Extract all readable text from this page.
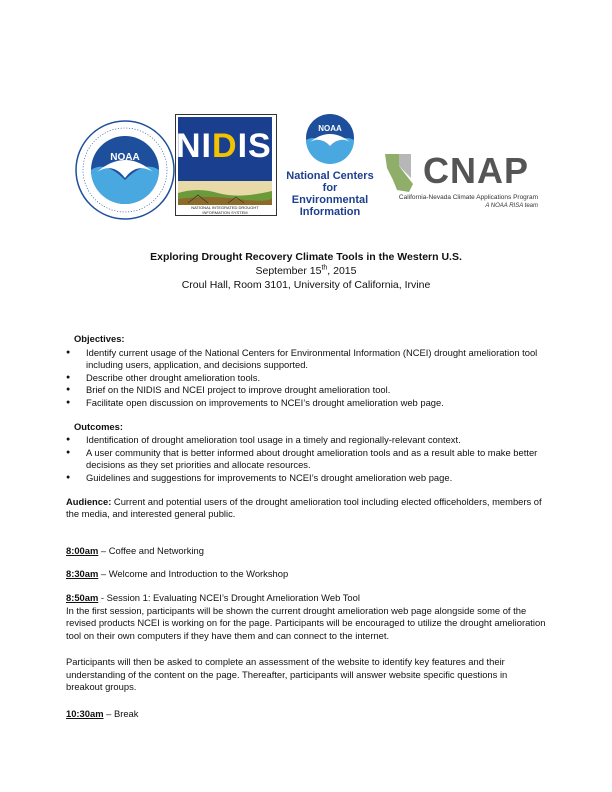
NOAA NIDIS
NATIONAL INTEGRATED DROUGHT INFORMATION SYSTEM
NOAA
National Centers for
Environmental
Information
CNAP
California-Nevada Climate Applications Program
A NOAA RISA team
Exploring Drought Recovery Climate Tools in the Western U.S.
September 15th, 2015
Croul Hall, Room 3101, University of California, Irvine
Objectives:
● Identify current usage of the National Centers for Environmental Information (NCEI) drought amelioration tool including users, application, and decisions supported.
● Describe other drought amelioration tools.
● Brief on the NIDIS and NCEI project to improve drought amelioration tool.
● Facilitate open discussion on improvements to NCEI’s drought amelioration web page.
Outcomes:
● Identification of drought amelioration tool usage in a timely and regionally-relevant context.
● A user community that is better informed about drought amelioration tools and as a result able to make better decisions as they set priorities and allocate resources.
● Guidelines and suggestions for improvements to NCEI’s drought amelioration web page.

Audience: Current and potential users of the drought amelioration tool including elected officeholders, members of the media, and interested general public.

8:00am – Coffee and Networking

8:30am – Welcome and Introduction to the Workshop

8:50am - Session 1: Evaluating NCEI’s Drought Amelioration Web Tool

In the first session, participants will be shown the current drought amelioration web page alongside some of the revised products NCEI is working on for the page. Participants will be encouraged to utilize the drought amelioration tool on their own computers if they have them and can connect to the internet.

Participants will then be asked to complete an assessment of the website to identify key features and their understanding of the content on the page. Thereafter, participants will answer website specific questions in breakout groups.

10:30am – Break
